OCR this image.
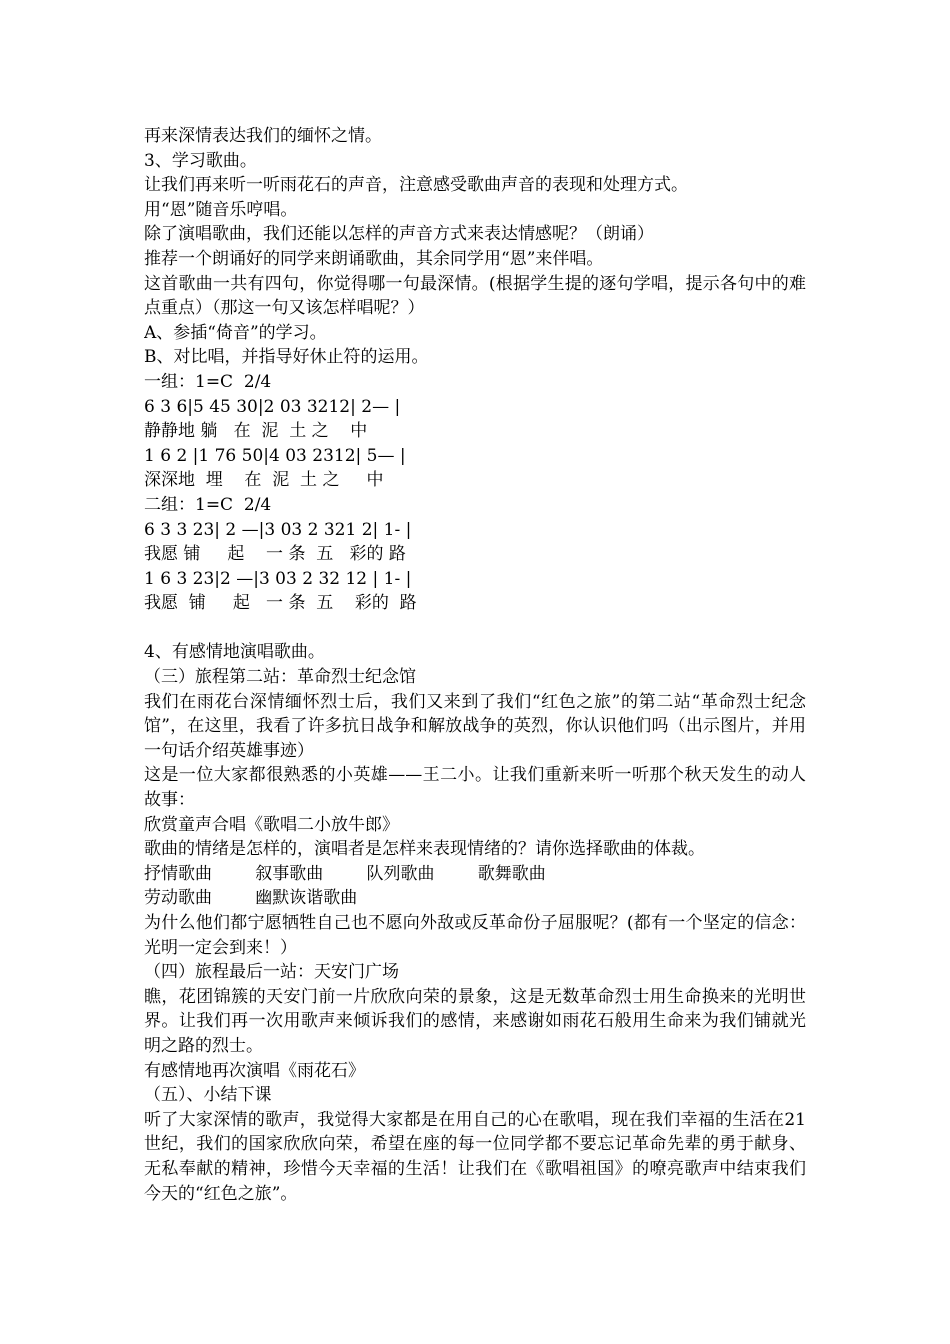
再来深情表达我们的缅怀之情。
3、学习歌曲。
让我们再来听一听雨花石的声音，注意感受歌曲声音的表现和处理方式。
用“恩”随音乐哼唱。
除了演唱歌曲，我们还能以怎样的声音方式来表达情感呢？（朗诵）
推荐一个朗诵好的同学来朗诵歌曲，其余同学用“恩”来伴唱。
这首歌曲一共有四句，你觉得哪一句最深情。(根据学生提的逐句学唱，提示各句中的难点重点）（那这一句又该怎样唱呢？）
A、参插“倚音”的学习。
B、对比唱，并指导好休止符的运用。
一组：1=C  2/4
6 3 6|5 45 30|2 03 3212| 2— |
静静地 躺   在  泥  土 之    中
1 6 2 |1 76 50|4 03 2312| 5— |
深深地  埋    在  泥  土 之     中
二组：1=C  2/4
6 3 3 23| 2 —|3 03 2 321 2| 1- |
我愿 铺     起    一 条  五   彩的 路
1 6 3 23|2 —|3 03 2 32 12 | 1- |
我愿  铺     起   一 条  五    彩的  路
4、有感情地演唱歌曲。
（三）旅程第二站：革命烈士纪念馆
我们在雨花台深情缅怀烈士后，我们又来到了我们“红色之旅”的第二站“革命烈士纪念馆”，在这里，我看了许多抗日战争和解放战争的英烈，你认识他们吗（出示图片，并用一句话介绍英雄事迹）
这是一位大家都很熟悉的小英雄——王二小。让我们重新来听一听那个秋天发生的动人故事：
欣赏童声合唱《歌唱二小放牛郎》
歌曲的情绪是怎样的，演唱者是怎样来表现情绪的？请你选择歌曲的体裁。
抒情歌曲        叙事歌曲        队列歌曲        歌舞歌曲
劳动歌曲        幽默诙谐歌曲
为什么他们都宁愿牺牲自己也不愿向外敌或反革命份子屈服呢？(都有一个坚定的信念：光明一定会到来！）
（四）旅程最后一站：天安门广场
瞧，花团锦簇的天安门前一片欣欣向荣的景象，这是无数革命烈士用生命换来的光明世界。让我们再一次用歌声来倾诉我们的感情，来感谢如雨花石般用生命来为我们铺就光明之路的烈士。
有感情地再次演唱《雨花石》
（五）、小结下课
听了大家深情的歌声，我觉得大家都是在用自己的心在歌唱，现在我们幸福的生活在21世纪，我们的国家欣欣向荣，希望在座的每一位同学都不要忘记革命先辈的勇于献身、无私奉献的精神，珍惜今天幸福的生活！让我们在《歌唱祖国》的嘹亮歌声中结束我们今天的“红色之旅”。
